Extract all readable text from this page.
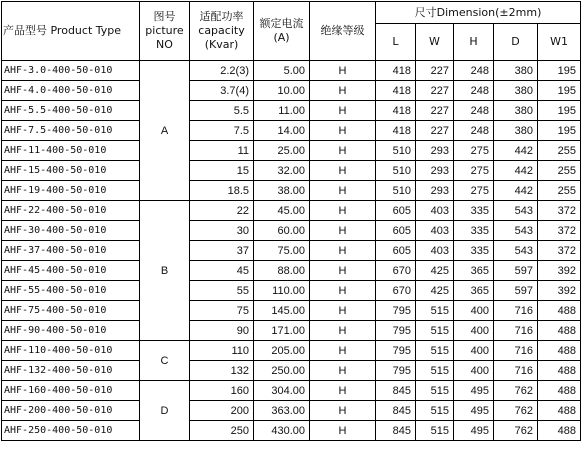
产品型号 Product Type	图号
picture
NO	适配功率
capacity
(Kvar)	额定电流
(A)	绝缘等级	尺寸Dimension(±2mm)				
					L	W	H	D	W1
AHF-3.0-400-50-010	A	2.2(3)	5.00	H	418	227	248	380	195
AHF-4.0-400-50-010		3.7(4)	10.00	H	418	227	248	380	195
AHF-5.5-400-50-010		5.5	11.00	H	418	227	248	380	195
AHF-7.5-400-50-010		7.5	14.00	H	418	227	248	380	195
AHF-11-400-50-010		11	25.00	H	510	293	275	442	255
AHF-15-400-50-010		15	32.00	H	510	293	275	442	255
AHF-19-400-50-010		18.5	38.00	H	510	293	275	442	255
AHF-22-400-50-010	B	22	45.00	H	605	403	335	543	372
AHF-30-400-50-010		30	60.00	H	605	403	335	543	372
AHF-37-400-50-010		37	75.00	H	605	403	335	543	372
AHF-45-400-50-010		45	88.00	H	670	425	365	597	392
AHF-55-400-50-010		55	110.00	H	670	425	365	597	392
AHF-75-400-50-010		75	145.00	H	795	515	400	716	488
AHF-90-400-50-010		90	171.00	H	795	515	400	716	488
AHF-110-400-50-010	C	110	205.00	H	795	515	400	716	488
AHF-132-400-50-010		132	250.00	H	795	515	400	716	488
AHF-160-400-50-010	D	160	304.00	H	845	515	495	762	488
AHF-200-400-50-010		200	363.00	H	845	515	495	762	488
AHF-250-400-50-010		250	430.00	H	845	515	495	762	488
